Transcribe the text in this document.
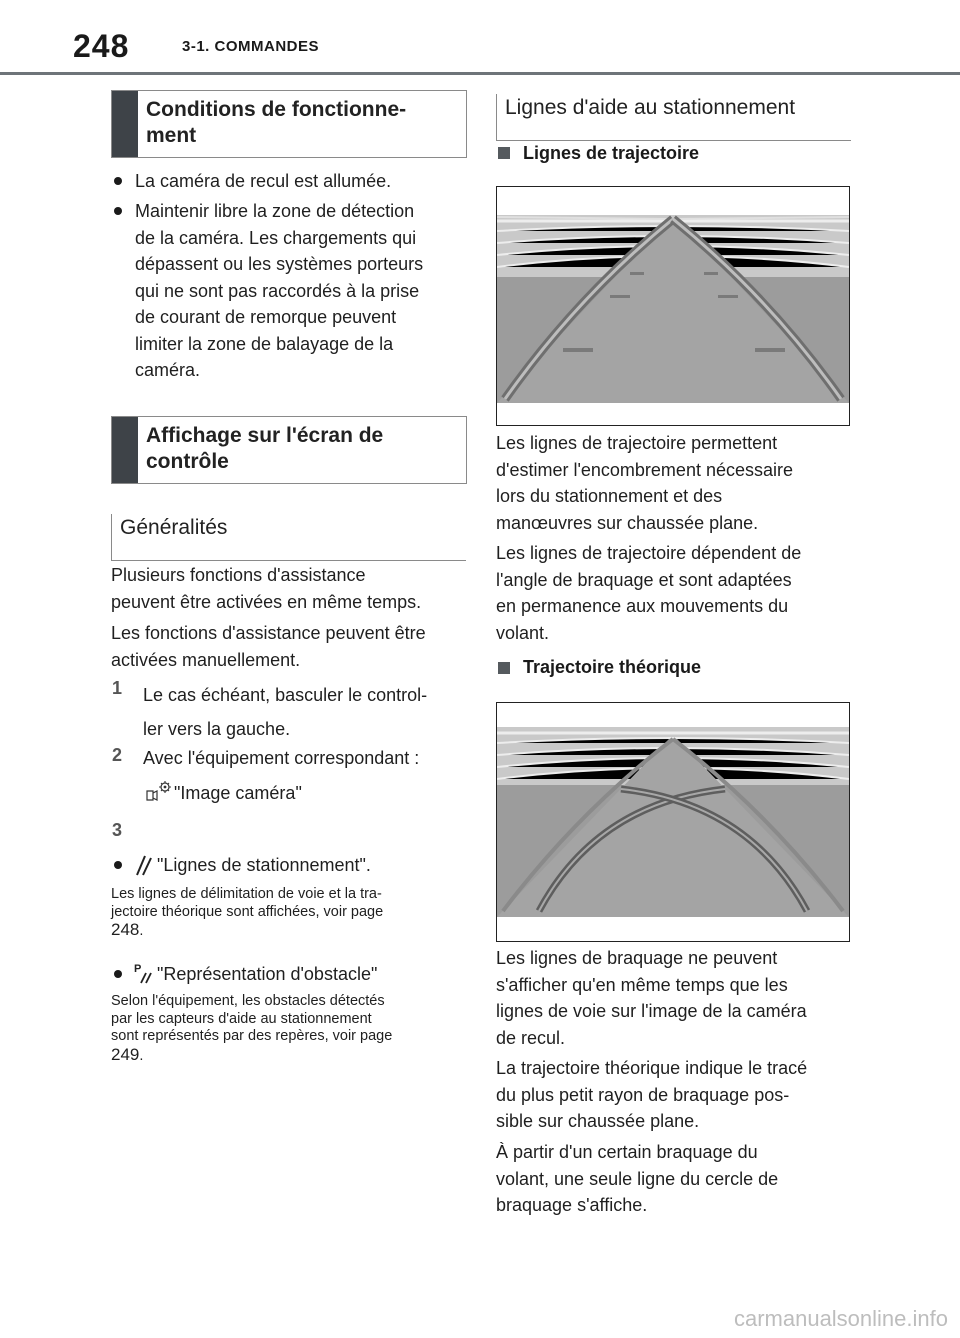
248	3-1. COMMANDES
Conditions de fonctionne-
ment
La caméra de recul est allumée.
Maintenir libre la zone de détection
de la caméra. Les chargements qui
dépassent ou les systèmes porteurs
qui ne sont pas raccordés à la prise
de courant de remorque peuvent
limiter la zone de balayage de la
caméra.
Affichage sur l'écran de
contrôle
Généralités
Plusieurs fonctions d'assistance
peuvent être activées en même temps.
Les fonctions d'assistance peuvent être
activées manuellement.
1 Le cas échéant, basculer le control-
ler vers la gauche.
2 Avec l'équipement correspondant :
"Image caméra"
3
"Lignes de stationnement".
Les lignes de délimitation de voie et la tra-
jectoire théorique sont affichées, voir page
248.
P "Représentation d'obstacle"
Selon l'équipement, les obstacles détectés
par les capteurs d'aide au stationnement
sont représentés par des repères, voir page
249.
Lignes d'aide au stationnement
Lignes de trajectoire
Les lignes de trajectoire permettent
d'estimer l'encombrement nécessaire
lors du stationnement et des
manœuvres sur chaussée plane.
Les lignes de trajectoire dépendent de
l'angle de braquage et sont adaptées
en permanence aux mouvements du
volant.
Trajectoire théorique
Les lignes de braquage ne peuvent
s'afficher qu'en même temps que les
lignes de voie sur l'image de la caméra
de recul.
La trajectoire théorique indique le tracé
du plus petit rayon de braquage pos-
sible sur chaussée plane.
À partir d'un certain braquage du
volant, une seule ligne du cercle de
braquage s'affiche.
carmanualsonline.info
